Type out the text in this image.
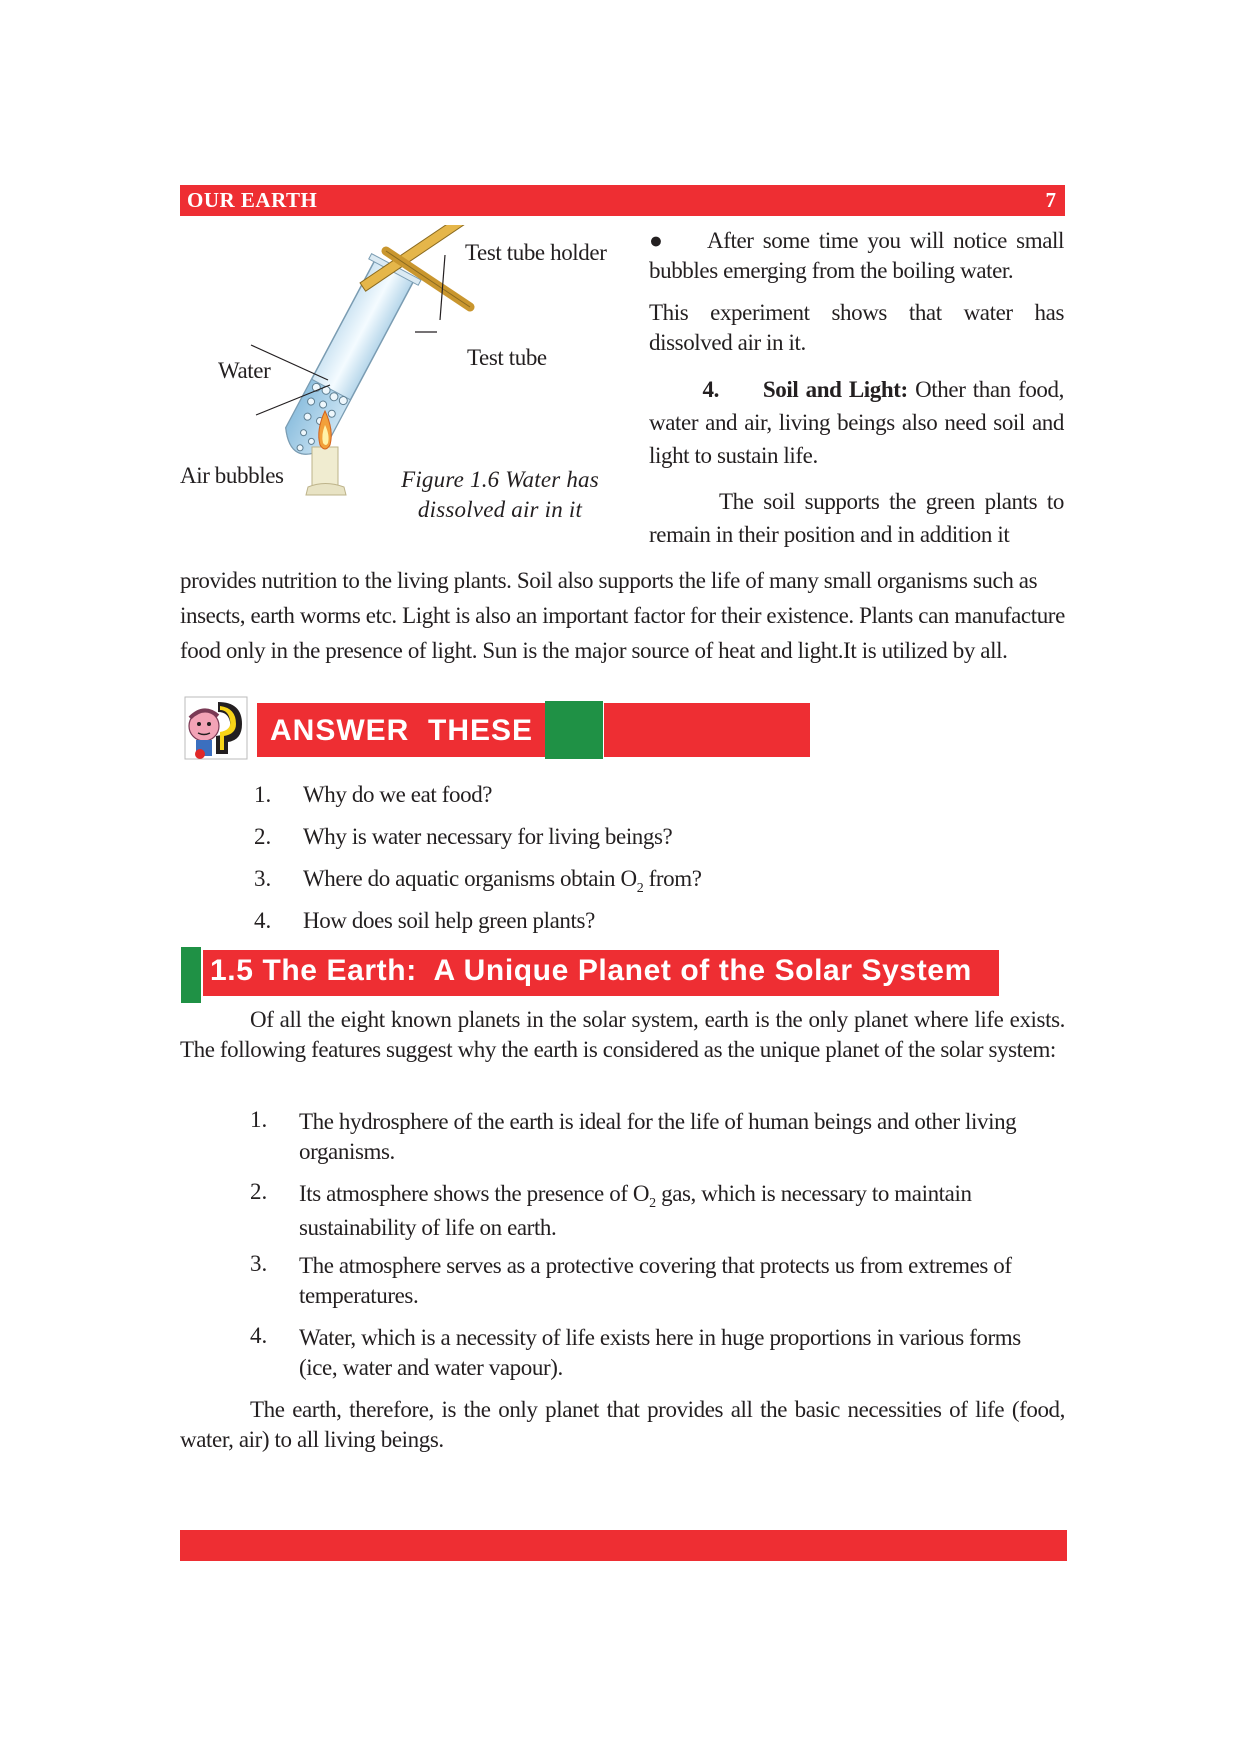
OUR EARTH	7
Test tube holder
Test tube
Water
Air bubbles	Figure 1.6 Water has
dissolved air in it

● After some time you will notice small bubbles emerging from the boiling water.

This experiment shows that water has dissolved air in it.

4. Soil and Light: Other than food, water and air, living beings also need soil and light to sustain life.

The soil supports the green plants to remain in their position and in addition it

provides nutrition to the living plants. Soil also supports the life of many small organisms such as
insects, earth worms etc. Light is also an important factor for their existence. Plants can manufacture
food only in the presence of light. Sun is the major source of heat and light.It is utilized by all.
ANSWER  THESE
1. Why do we eat food?
2. Why is water necessary for living beings?
3. Where do aquatic organisms obtain $O_2$ from?
4. How does soil help green plants?
1.5 The Earth:  A Unique Planet of the Solar System
Of all the eight known planets in the solar system, earth is the only planet where life exists. The following features suggest why the earth is considered as the unique planet of the solar system:
1. The hydrosphere of the earth is ideal for the life of human beings and other living organisms.
2. Its atmosphere shows the presence of $O_2$ gas, which is necessary to maintain sustainability of life on earth.
3. The atmosphere serves as a protective covering that protects us from extremes of temperatures.
4. Water, which is a necessity of life exists here in huge proportions in various forms (ice, water and water vapour).
The earth, therefore, is the only planet that provides all the basic necessities of life (food, water, air) to all living beings.
